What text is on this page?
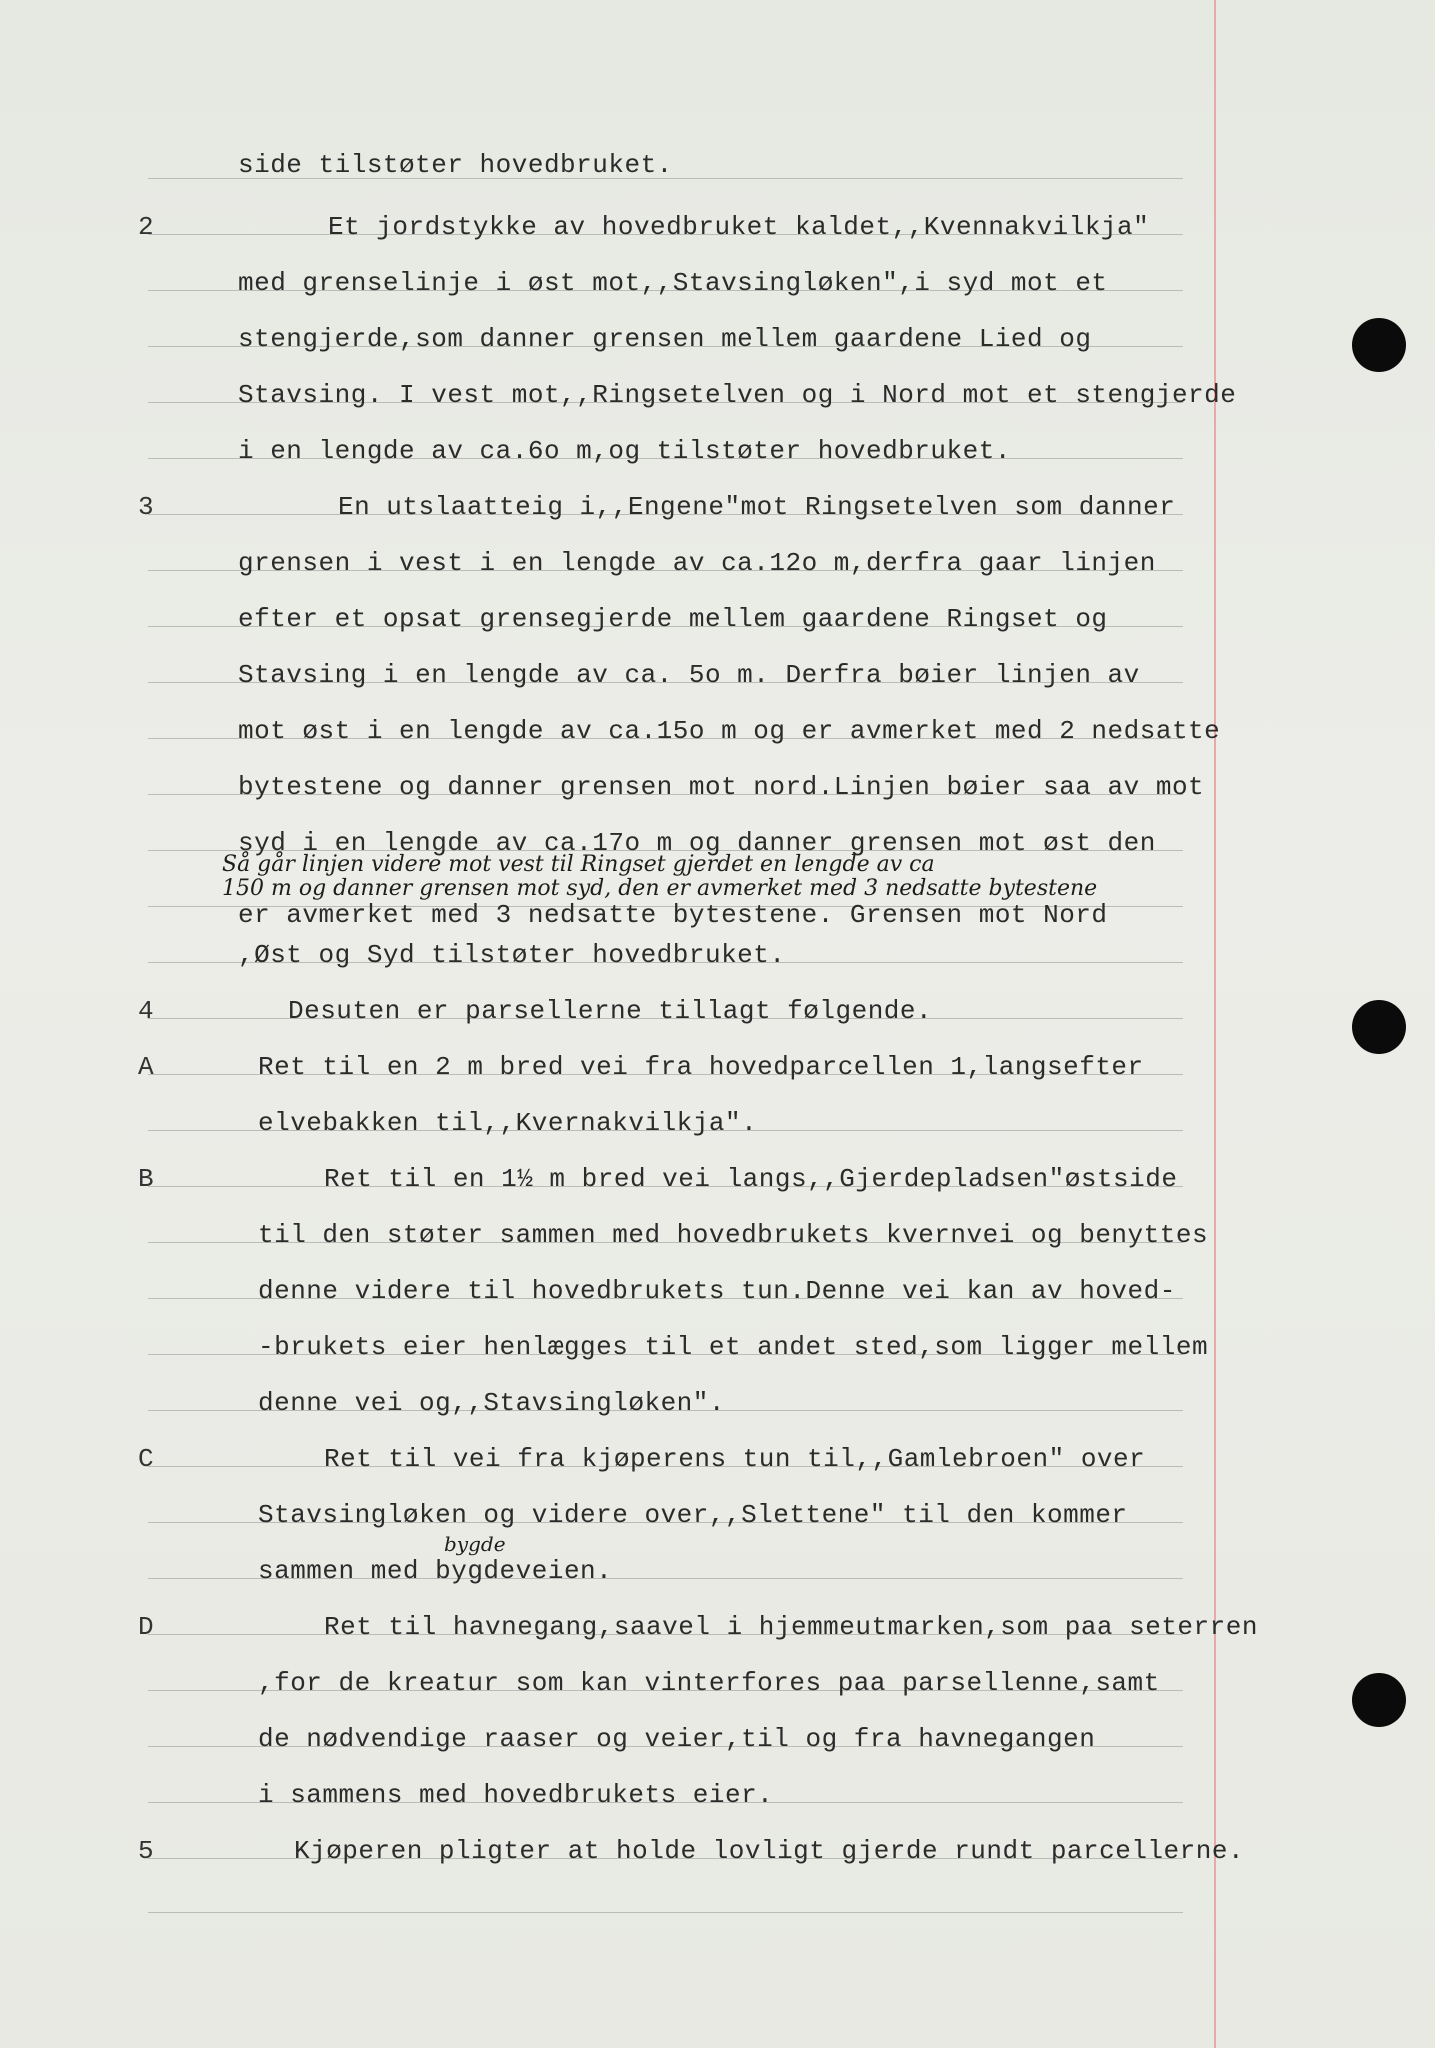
side tilstøter hovedbruket.
2	Et jordstykke av hovedbruket kaldet,,Kvennakvilkja"
med grenselinje i øst mot,,Stavsingløken",i syd mot et
stengjerde,som danner grensen mellem gaardene Lied og
Stavsing. I vest mot,,Ringsetelven og i Nord mot et stengjerde
i en lengde av ca.6o m,og tilstøter hovedbruket.
3	En utslaatteig i,,Engene"mot Ringsetelven som danner
grensen i vest i en lengde av ca.12o m,derfra gaar linjen
efter et opsat grensegjerde mellem gaardene Ringset og
Stavsing i en lengde av ca. 5o m. Derfra bøier linjen av
mot øst i en lengde av ca.15o m og er avmerket med 2 nedsatte
bytestene og danner grensen mot nord.Linjen bøier saa av mot
syd i en lengde av ca.17o m og danner grensen mot øst den
Så går linjen videre mot vest til Ringset gjerdet en lengde av ca
150 m og danner grensen mot syd, den er avmerket med 3 nedsatte bytestene
er avmerket med 3 nedsatte bytestene. Grensen mot Nord
,Øst og Syd tilstøter hovedbruket.
4	Desuten er parsellerne tillagt følgende.
A	Ret til en 2 m bred vei fra hovedparcellen 1,langsefter
elvebakken til,,Kvernakvilkja".
B	Ret til en 1½ m bred vei langs,,Gjerdepladsen"østside
til den støter sammen med hovedbrukets kvernvei og benyttes
denne videre til hovedbrukets tun.Denne vei kan av hoved-
-brukets eier henlægges til et andet sted,som ligger mellem
denne vei og,,Stavsingløken".
C	Ret til vei fra kjøperens tun til,,Gamlebroen" over
Stavsingløken og videre over,,Slettene" til den kommer
bygde
sammen med bygdeveien.
D	Ret til havnegang,saavel i hjemmeutmarken,som paa seterren
,for de kreatur som kan vinterfores paa parsellenne,samt
de nødvendige raaser og veier,til og fra havnegangen
i sammens med hovedbrukets eier.
5	Kjøperen pligter at holde lovligt gjerde rundt parcellerne.
